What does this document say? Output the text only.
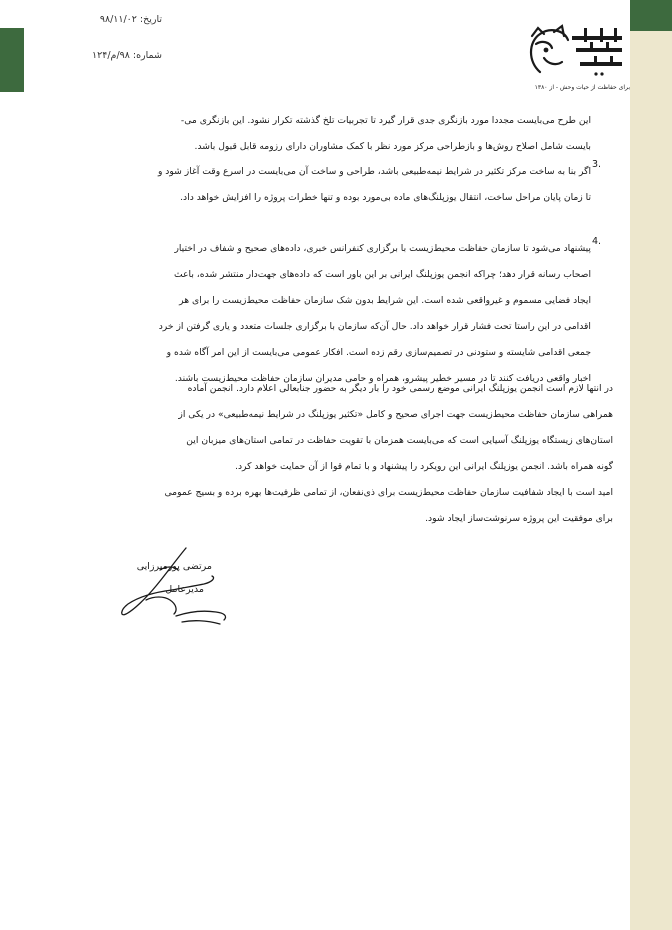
تاریخ:۹۸/۱۱/۰۲
شماره:۹۸/م/۱۲۴
برای حفاظت از حیات وحش - از ۱۳۸۰
این طرح می‌بایست مجددا مورد بازنگری جدی قرار گیرد تا تجربیات تلخ گذشته تکرار نشود. این بازنگری می-
بایست شامل اصلاح روش‌ها و بازطراحی مرکز مورد نظر با کمک مشاوران دارای رزومه قابل قبول باشد.
3.
اگر بنا به ساخت مرکز تکثیر در شرایط نیمه‌طبیعی باشد، طراحی و ساخت آن می‌بایست در اسرع وقت آغاز شود و
تا زمان پایان مراحل ساخت، انتقال یوزپلنگ‌های ماده بی‌مورد بوده و تنها خطرات پروژه را افزایش خواهد داد.
4.
پیشنهاد می‌شود تا سازمان حفاظت محیط‌زیست با برگزاری کنفرانس خبری، داده‌های صحیح و شفاف در اختیار
اصحاب رسانه قرار دهد؛ چراکه انجمن یوزپلنگ ایرانی بر این باور است که داده‌های جهت‌دار منتشر شده، باعث
ایجاد فضایی مسموم و غیرواقعی شده است. این شرایط بدون شک سازمان حفاظت محیط‌زیست را برای هر
اقدامی در این راستا تحت فشار قرار خواهد داد. حال آن‌که سازمان با برگزاری جلسات متعدد و یاری گرفتن از خرد
جمعی اقدامی شایسته و ستودنی در تصمیم‌سازی رقم زده است. افکار عمومی می‌بایست از این امر آگاه شده و
اخبار واقعی دریافت کنند تا در مسیر خطیر پیشرو، همراه و حامی مدیران سازمان حفاظت محیط‌زیست باشند.
در انتها لازم است انجمن یوزپلنگ ایرانی موضع رسمی خود را بار دیگر به حضور جنابعالی اعلام دارد. انجمن آماده
همراهی سازمان حفاظت محیط‌زیست جهت اجرای صحیح و کامل «تکثیر یوزپلنگ در شرایط نیمه‌طبیعی» در یکی از
استان‌های زیستگاه یوزپلنگ آسیایی است که می‌بایست همزمان با تقویت حفاظت در تمامی استان‌های میزبان این
گونه همراه باشد. انجمن یوزپلنگ ایرانی این رویکرد را پیشنهاد و با تمام قوا از آن حمایت خواهد کرد.
امید است با ایجاد شفافیت سازمان حفاظت محیط‌زیست برای ذی‌نفعان، از تمامی ظرفیت‌ها بهره برده و بسیج عمومی
برای موفقیت این پروژه سرنوشت‌ساز ایجاد شود.
مرتضی پورمیرزایی
مدیرعامل
